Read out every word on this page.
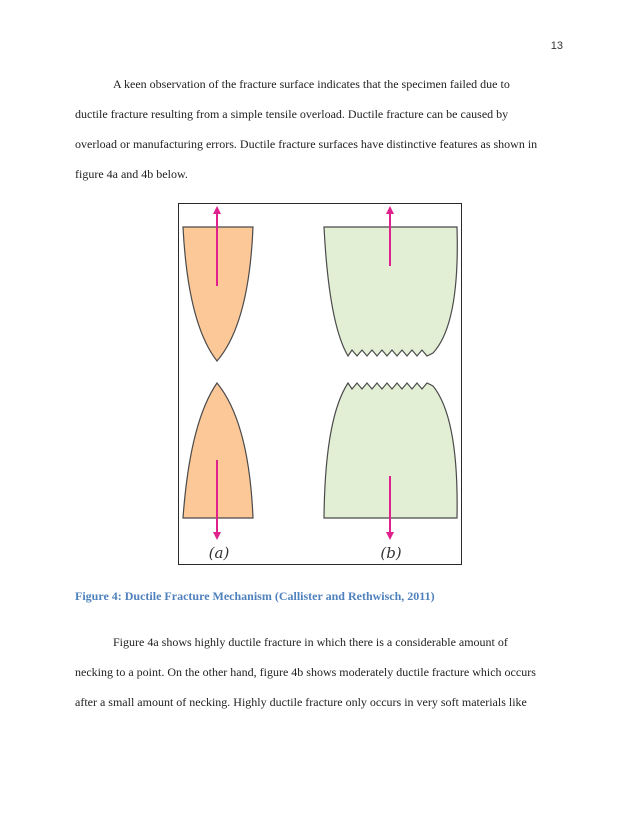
13

A keen observation of the fracture surface indicates that the specimen failed due to
ductile fracture resulting from a simple tensile overload. Ductile fracture can be caused by
overload or manufacturing errors. Ductile fracture surfaces have distinctive features as shown in
figure 4a and 4b below.

(a)	(b)

Figure 4: Ductile Fracture Mechanism (Callister and Rethwisch, 2011)

Figure 4a shows highly ductile fracture in which there is a considerable amount of
necking to a point. On the other hand, figure 4b shows moderately ductile fracture which occurs
after a small amount of necking. Highly ductile fracture only occurs in very soft materials like
